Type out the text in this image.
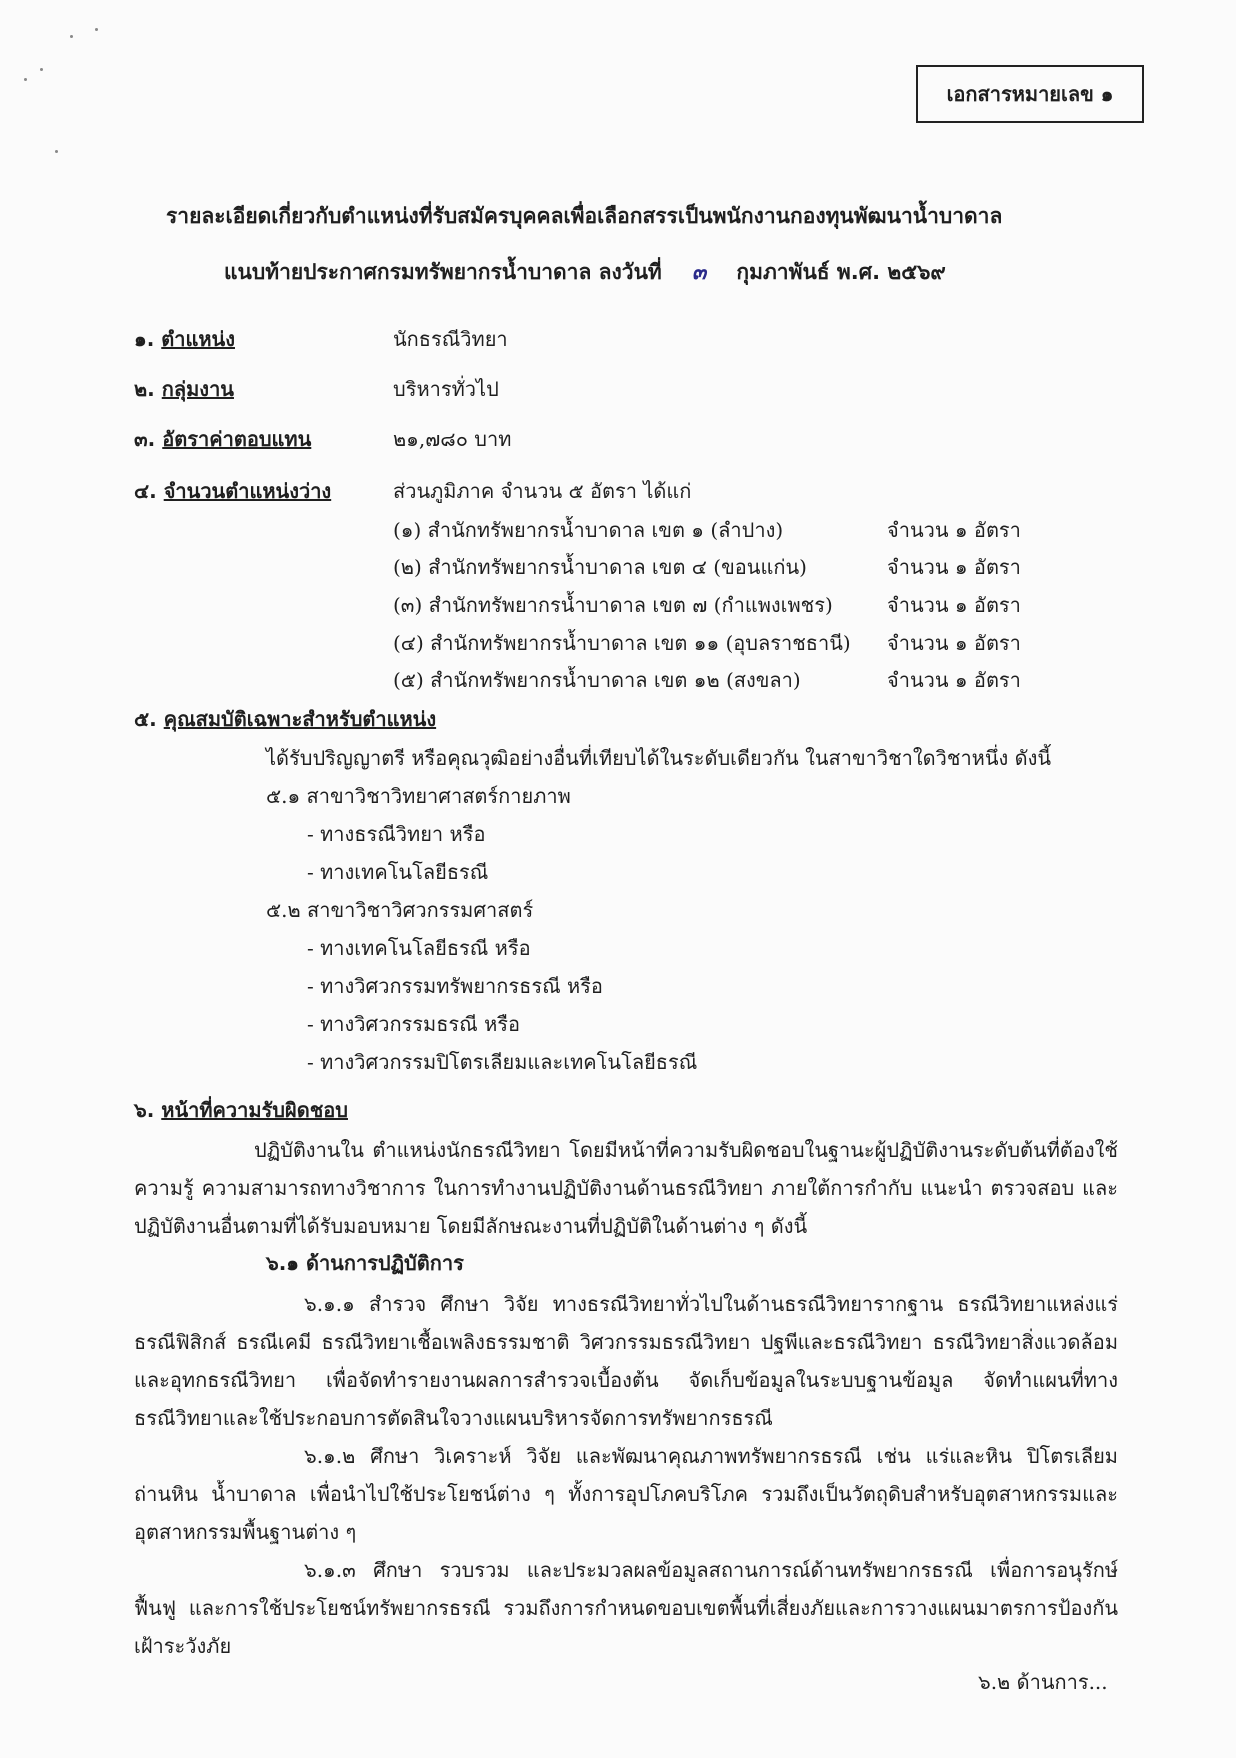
เอกสารหมายเลข ๑
รายละเอียดเกี่ยวกับตำแหน่งที่รับสมัครบุคคลเพื่อเลือกสรรเป็นพนักงานกองทุนพัฒนาน้ำบาดาล
แนบท้ายประกาศกรมทรัพยากรน้ำบาดาล ลงวันที่ ๓ กุมภาพันธ์ พ.ศ. ๒๕๖๙
๑. ตำแหน่ง	นักธรณีวิทยา
๒. กลุ่มงาน	บริหารทั่วไป
๓. อัตราค่าตอบแทน	๒๑,๗๘๐ บาท
๔. จำนวนตำแหน่งว่าง	ส่วนภูมิภาค จำนวน ๕ อัตรา ได้แก่
(๑) สำนักทรัพยากรน้ำบาดาล เขต ๑ (ลำปาง)	จำนวน ๑ อัตรา
(๒) สำนักทรัพยากรน้ำบาดาล เขต ๔ (ขอนแก่น)	จำนวน ๑ อัตรา
(๓) สำนักทรัพยากรน้ำบาดาล เขต ๗ (กำแพงเพชร)	จำนวน ๑ อัตรา
(๔) สำนักทรัพยากรน้ำบาดาล เขต ๑๑ (อุบลราชธานี) จำนวน ๑ อัตรา
(๕) สำนักทรัพยากรน้ำบาดาล เขต ๑๒ (สงขลา)	จำนวน ๑ อัตรา
๕. คุณสมบัติเฉพาะสำหรับตำแหน่ง
ได้รับปริญญาตรี หรือคุณวุฒิอย่างอื่นที่เทียบได้ในระดับเดียวกัน ในสาขาวิชาใดวิชาหนึ่ง ดังนี้
๕.๑ สาขาวิชาวิทยาศาสตร์กายภาพ
- ทางธรณีวิทยา หรือ
- ทางเทคโนโลยีธรณี
๕.๒ สาขาวิชาวิศวกรรมศาสตร์
- ทางเทคโนโลยีธรณี หรือ
- ทางวิศวกรรมทรัพยากรธรณี หรือ
- ทางวิศวกรรมธรณี หรือ
- ทางวิศวกรรมปิโตรเลียมและเทคโนโลยีธรณี
๖. หน้าที่ความรับผิดชอบ
ปฏิบัติงานใน ตำแหน่งนักธรณีวิทยา โดยมีหน้าที่ความรับผิดชอบในฐานะผู้ปฏิบัติงานระดับต้นที่ต้องใช้ความรู้ ความสามารถทางวิชาการ ในการทำงานปฏิบัติงานด้านธรณีวิทยา ภายใต้การกำกับ แนะนำ ตรวจสอบ และปฏิบัติงานอื่นตามที่ได้รับมอบหมาย โดยมีลักษณะงานที่ปฏิบัติในด้านต่าง ๆ ดังนี้
๖.๑ ด้านการปฏิบัติการ
๖.๑.๑ สำรวจ ศึกษา วิจัย ทางธรณีวิทยาทั่วไปในด้านธรณีวิทยารากฐาน ธรณีวิทยาแหล่งแร่ ธรณีฟิสิกส์ ธรณีเคมี ธรณีวิทยาเชื้อเพลิงธรรมชาติ วิศวกรรมธรณีวิทยา ปฐพีและธรณีวิทยา ธรณีวิทยาสิ่งแวดล้อม และอุทกธรณีวิทยา เพื่อจัดทำรายงานผลการสำรวจเบื้องต้น จัดเก็บข้อมูลในระบบฐานข้อมูล จัดทำแผนที่ทางธรณีวิทยาและใช้ประกอบการตัดสินใจวางแผนบริหารจัดการทรัพยากรธรณี
๖.๑.๒ ศึกษา วิเคราะห์ วิจัย และพัฒนาคุณภาพทรัพยากรธรณี เช่น แร่และหิน ปิโตรเลียม ถ่านหิน น้ำบาดาล เพื่อนำไปใช้ประโยชน์ต่าง ๆ ทั้งการอุปโภคบริโภค รวมถึงเป็นวัตถุดิบสำหรับอุตสาหกรรมและอุตสาหกรรมพื้นฐานต่าง ๆ
๖.๑.๓ ศึกษา รวบรวม และประมวลผลข้อมูลสถานการณ์ด้านทรัพยากรธรณี เพื่อการอนุรักษ์ ฟื้นฟู และการใช้ประโยชน์ทรัพยากรธรณี รวมถึงการกำหนดขอบเขตพื้นที่เสี่ยงภัยและการวางแผนมาตรการป้องกันเฝ้าระวังภัย
๖.๒ ด้านการ...
